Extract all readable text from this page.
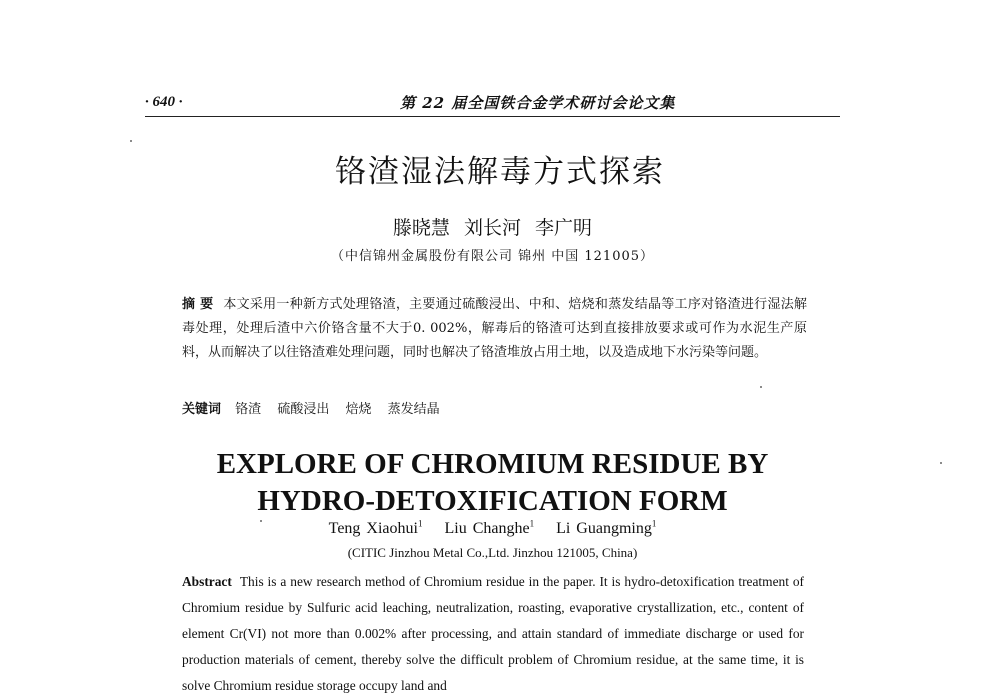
· 640 ·	第 22 届全国铁合金学术研讨会论文集
铬渣湿法解毒方式探索
滕晓慧 刘长河 李广明
（中信锦州金属股份有限公司 锦州 中国 121005）
摘 要 本文采用一种新方式处理铬渣，主要通过硫酸浸出、中和、焙烧和蒸发结晶等工序对铬渣进行湿法解毒处理，处理后渣中六价铬含量不大于0. 002%，解毒后的铬渣可达到直接排放要求或可作为水泥生产原料，从而解决了以往铬渣难处理问题，同时也解决了铬渣堆放占用土地，以及造成地下水污染等问题。
关键词 铬渣 硫酸浸出 焙烧 蒸发结晶
EXPLORE OF CHROMIUM RESIDUE BY
HYDRO-DETOXIFICATION FORM
Teng Xiaohui$^1$ Liu Changhe$^1$ Li Guangming$^1$
(CITIC Jinzhou Metal Co.,Ltd. Jinzhou 121005, China)
Abstract This is a new research method of Chromium residue in the paper. It is hydro-detoxification treatment of Chromium residue by Sulfuric acid leaching, neutralization, roasting, evaporative crystallization, etc., content of element Cr(VI) not more than 0.002% after processing, and attain standard of immediate discharge or used for production materials of cement, thereby solve the difficult problem of Chromium residue, at the same time, it is solve Chromium residue storage occupy land and
